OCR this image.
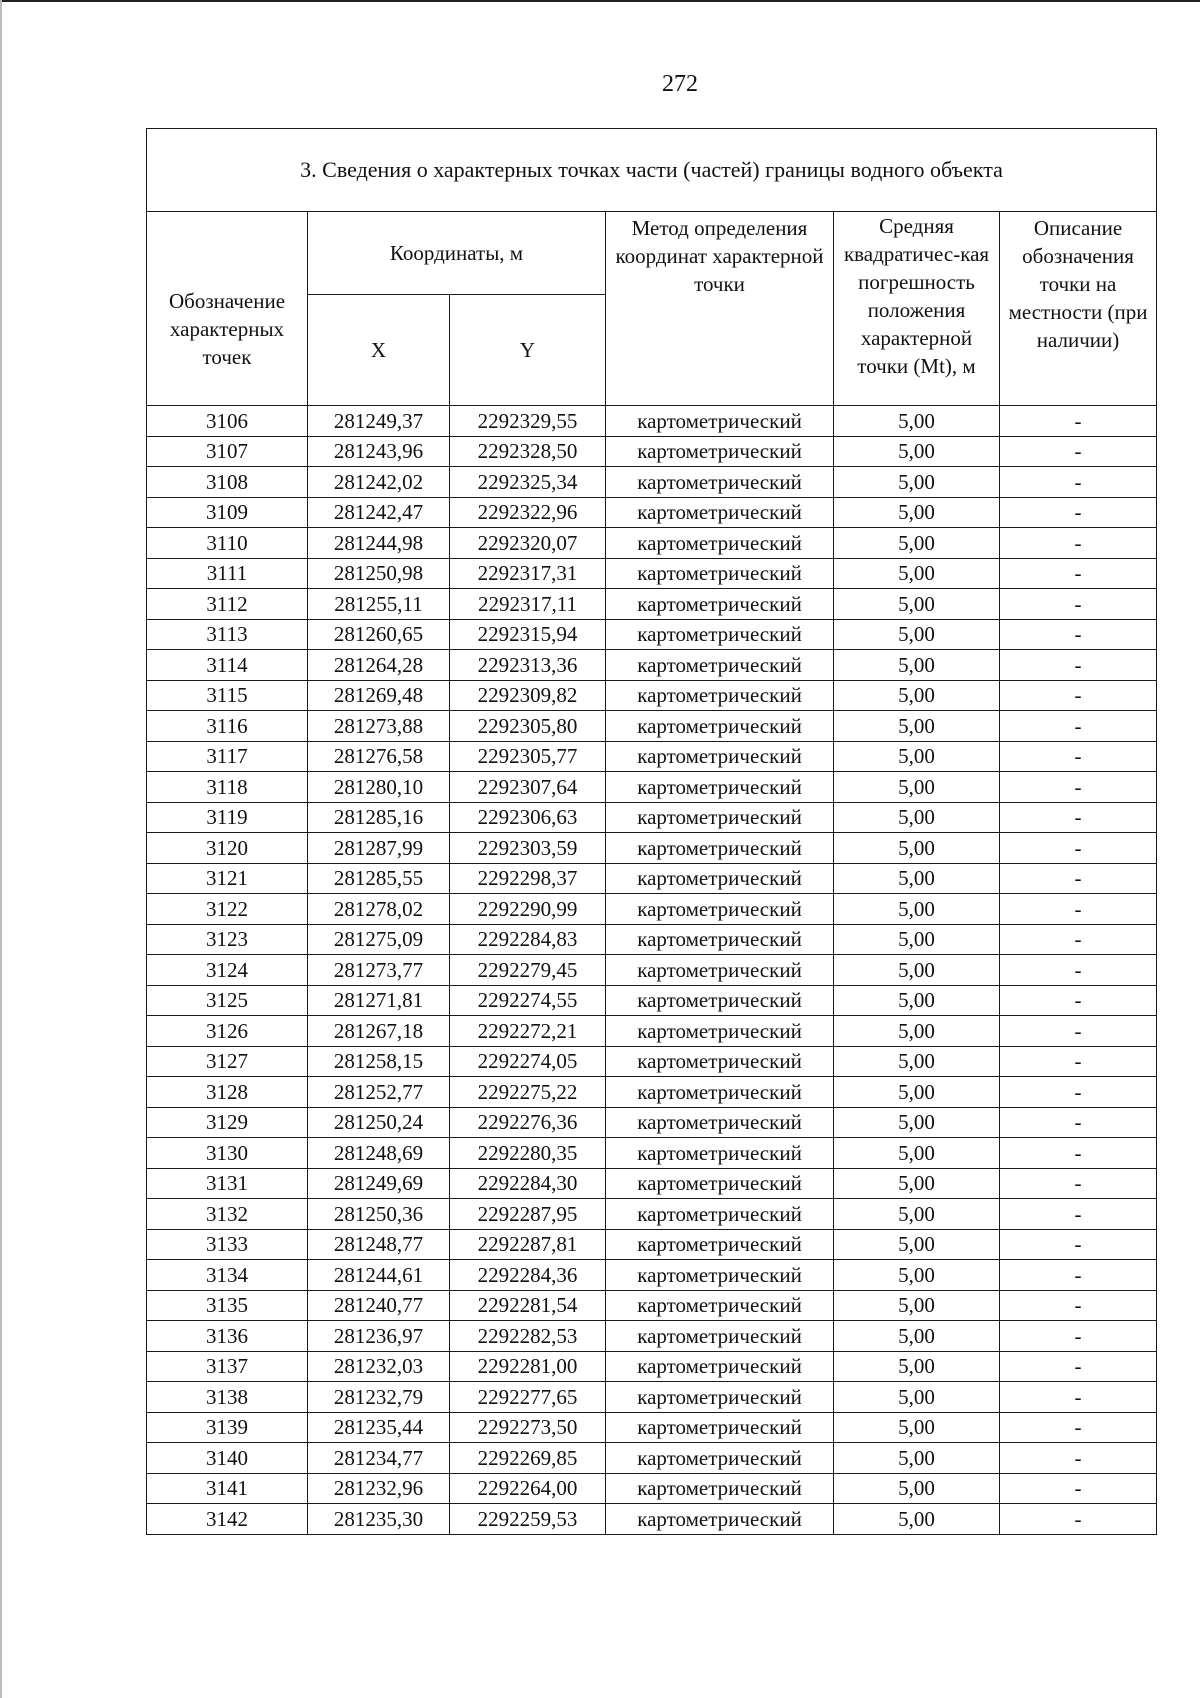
272
3. Сведения о характерных точках части (частей) границы водного объекта					
Обозначение характерных точек	Координаты, м		Метод определения координат характерной точки	Средняя квадратичес-кая погрешность положения характерной точки (Mt), м	Описание обозначения точки на местности (при наличии)
	X	Y			
3106	281249,37	2292329,55	картометрический	5,00	-
3107	281243,96	2292328,50	картометрический	5,00	-
3108	281242,02	2292325,34	картометрический	5,00	-
3109	281242,47	2292322,96	картометрический	5,00	-
3110	281244,98	2292320,07	картометрический	5,00	-
3111	281250,98	2292317,31	картометрический	5,00	-
3112	281255,11	2292317,11	картометрический	5,00	-
3113	281260,65	2292315,94	картометрический	5,00	-
3114	281264,28	2292313,36	картометрический	5,00	-
3115	281269,48	2292309,82	картометрический	5,00	-
3116	281273,88	2292305,80	картометрический	5,00	-
3117	281276,58	2292305,77	картометрический	5,00	-
3118	281280,10	2292307,64	картометрический	5,00	-
3119	281285,16	2292306,63	картометрический	5,00	-
3120	281287,99	2292303,59	картометрический	5,00	-
3121	281285,55	2292298,37	картометрический	5,00	-
3122	281278,02	2292290,99	картометрический	5,00	-
3123	281275,09	2292284,83	картометрический	5,00	-
3124	281273,77	2292279,45	картометрический	5,00	-
3125	281271,81	2292274,55	картометрический	5,00	-
3126	281267,18	2292272,21	картометрический	5,00	-
3127	281258,15	2292274,05	картометрический	5,00	-
3128	281252,77	2292275,22	картометрический	5,00	-
3129	281250,24	2292276,36	картометрический	5,00	-
3130	281248,69	2292280,35	картометрический	5,00	-
3131	281249,69	2292284,30	картометрический	5,00	-
3132	281250,36	2292287,95	картометрический	5,00	-
3133	281248,77	2292287,81	картометрический	5,00	-
3134	281244,61	2292284,36	картометрический	5,00	-
3135	281240,77	2292281,54	картометрический	5,00	-
3136	281236,97	2292282,53	картометрический	5,00	-
3137	281232,03	2292281,00	картометрический	5,00	-
3138	281232,79	2292277,65	картометрический	5,00	-
3139	281235,44	2292273,50	картометрический	5,00	-
3140	281234,77	2292269,85	картометрический	5,00	-
3141	281232,96	2292264,00	картометрический	5,00	-
3142	281235,30	2292259,53	картометрический	5,00	-
